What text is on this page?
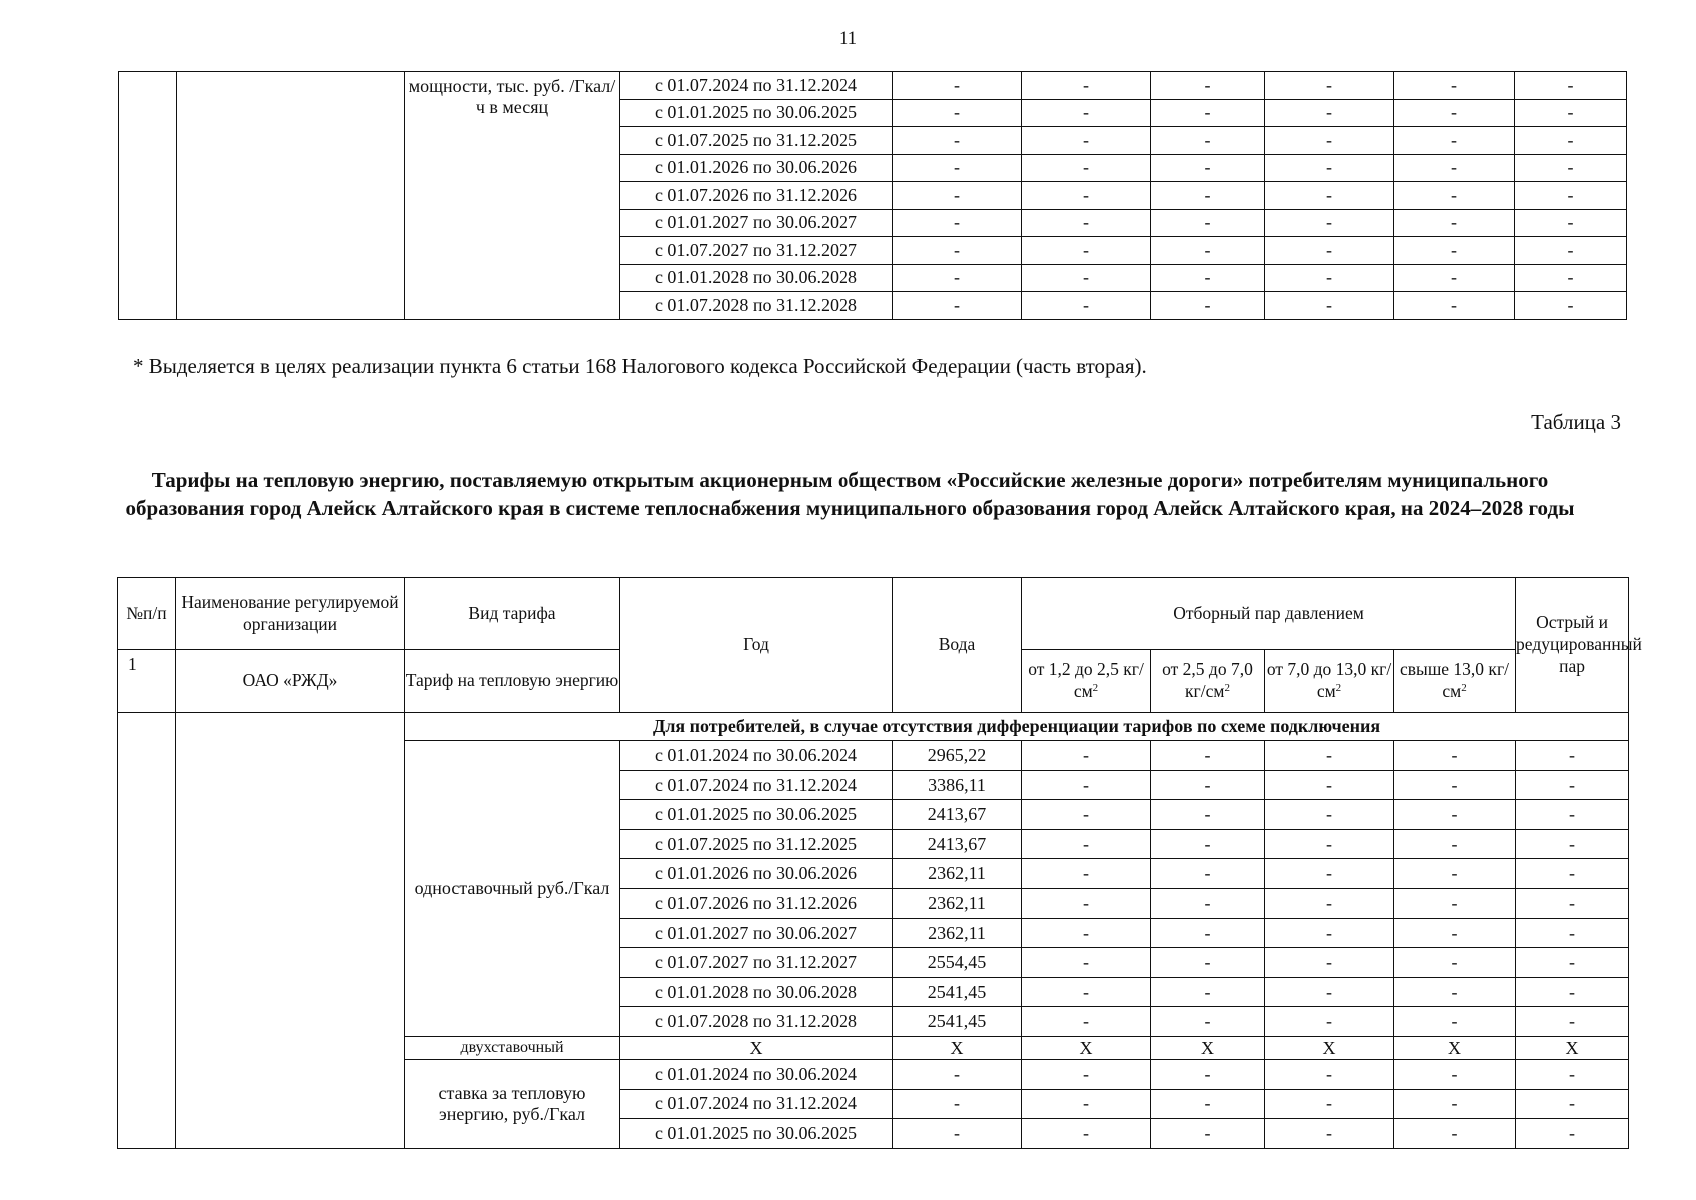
11
		мощности, тыс. руб. /Гкал/ч в месяц	с 01.07.2024 по 31.12.2024	-	-	-	-	-	-
			с 01.01.2025 по 30.06.2025	-	-	-	-	-	-
			с 01.07.2025 по 31.12.2025	-	-	-	-	-	-
			с 01.01.2026 по 30.06.2026	-	-	-	-	-	-
			с 01.07.2026 по 31.12.2026	-	-	-	-	-	-
			с 01.01.2027 по 30.06.2027	-	-	-	-	-	-
			с 01.07.2027 по 31.12.2027	-	-	-	-	-	-
			с 01.01.2028 по 30.06.2028	-	-	-	-	-	-
			с 01.07.2028 по 31.12.2028	-	-	-	-	-	-
* Выделяется в целях реализации пункта 6 статьи 168 Налогового кодекса Российской Федерации (часть вторая).
Таблица 3
Тарифы на тепловую энергию, поставляемую открытым акционерным обществом «Российские железные дороги» потребителям муниципального образования город Алейск Алтайского края в системе теплоснабжения муниципального образования город Алейск Алтайского края, на 2024–2028 годы
№п/п	Наименование регулируемой организации	Вид тарифа	Год	Вода	Отборный пар давлением				Острый и редуцированный пар
1	ОАО «РЖД»	Тариф на тепловую энергию			от 1,2 до 2,5 $кг/см^2$	от 2,5 до 7,0 $кг/см^2$	от 7,0 до 13,0 $кг/см^2$	свыше 13,0 $кг/см^2$
		Для потребителей, в случае отсутствия дифференциации тарифов по схеме подключения							
		одноставочный руб./Гкал	с 01.01.2024 по 30.06.2024	2965,22	-	-	-	-	-
			с 01.07.2024 по 31.12.2024	3386,11	-	-	-	-	-
			с 01.01.2025 по 30.06.2025	2413,67	-	-	-	-	-
			с 01.07.2025 по 31.12.2025	2413,67	-	-	-	-	-
			с 01.01.2026 по 30.06.2026	2362,11	-	-	-	-	-
			с 01.07.2026 по 31.12.2026	2362,11	-	-	-	-	-
			с 01.01.2027 по 30.06.2027	2362,11	-	-	-	-	-
			с 01.07.2027 по 31.12.2027	2554,45	-	-	-	-	-
			с 01.01.2028 по 30.06.2028	2541,45	-	-	-	-	-
			с 01.07.2028 по 31.12.2028	2541,45	-	-	-	-	-
		двухставочный	X	X	X	X	X	X	X
		ставка за тепловую энергию, руб./Гкал	с 01.01.2024 по 30.06.2024	-	-	-	-	-	-
			с 01.07.2024 по 31.12.2024	-	-	-	-	-	-
			с 01.01.2025 по 30.06.2025	-	-	-	-	-	-
